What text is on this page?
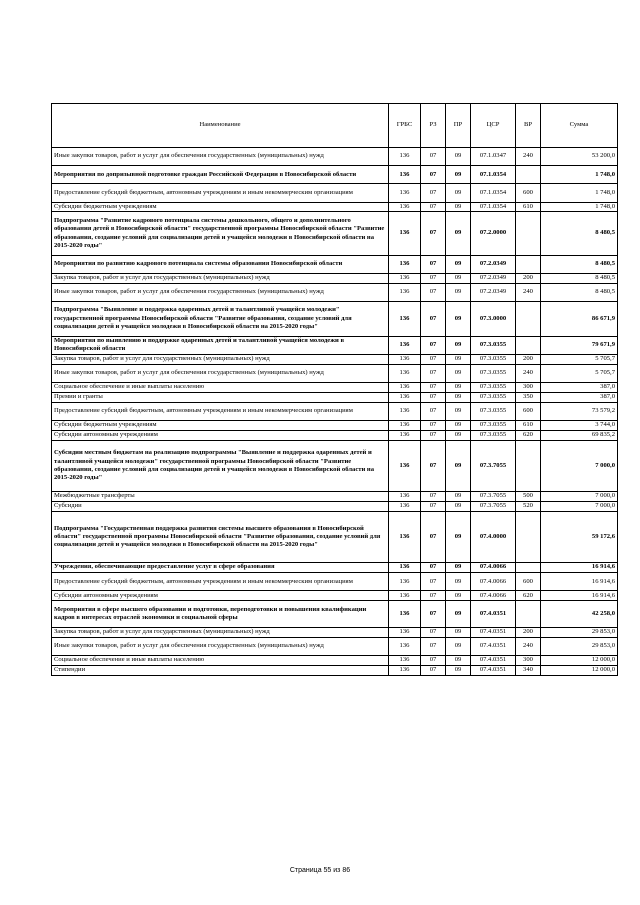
Наименование	ГРБС	РЗ	ПР	ЦСР	ВР	Сумма
Иные закупки товаров, работ и услуг для обеспечения государственных (муниципальных) нужд	136	07	09	07.1.0347	240	53 200,0
Мероприятия по допризывной подготовке граждан Российской Федерации в Новосибирской области	136	07	09	07.1.0354		1 748,0
Предоставление субсидий бюджетным, автономным учреждениям и иным некоммерческим организациям	136	07	09	07.1.0354	600	1 748,0
Субсидии бюджетным учреждениям	136	07	09	07.1.0354	610	1 748,0
Подпрограмма "Развитие кадрового потенциала системы дошкольного, общего и дополнительного образования детей в Новосибирской области" государственной программы Новосибирской области "Развитие образования, создание условий для социализации детей и учащейся молодежи в Новосибирской области на 2015-2020 годы"	136	07	09	07.2.0000		8 480,5
Мероприятия по развитию кадрового потенциала системы образования Новосибирской области	136	07	09	07.2.0349		8 480,5
Закупка товаров, работ и услуг для государственных (муниципальных) нужд	136	07	09	07.2.0349	200	8 480,5
Иные закупки товаров, работ и услуг для обеспечения государственных (муниципальных) нужд	136	07	09	07.2.0349	240	8 480,5
Подпрограмма "Выявление и поддержка одаренных детей и талантливой учащейся молодежи" государственной программы Новосибирской области "Развитие образования, создание условий для социализации детей и учащейся молодежи в Новосибирской области на 2015-2020 годы"	136	07	09	07.3.0000		86 671,9
Мероприятия по выявлению и поддержке одаренных детей и талантливой учащейся молодежи в Новосибирской области	136	07	09	07.3.0355		79 671,9
Закупка товаров, работ и услуг для государственных (муниципальных) нужд	136	07	09	07.3.0355	200	5 705,7
Иные закупки товаров, работ и услуг для обеспечения государственных (муниципальных) нужд	136	07	09	07.3.0355	240	5 705,7
Социальное обеспечение и иные выплаты населению	136	07	09	07.3.0355	300	387,0
Премии и гранты	136	07	09	07.3.0355	350	387,0
Предоставление субсидий бюджетным, автономным учреждениям и иным некоммерческим организациям	136	07	09	07.3.0355	600	73 579,2
Субсидии бюджетным учреждениям	136	07	09	07.3.0355	610	3 744,0
Субсидии автономным учреждениям	136	07	09	07.3.0355	620	69 835,2
Субсидии местным бюджетам на реализацию подпрограммы "Выявление и поддержка одаренных детей и талантливой учащейся молодежи" государственной программы Новосибирской области "Развитие образования, создание условий для социализации детей и учащейся молодежи в Новосибирской области на 2015-2020 годы"	136	07	09	07.3.7055		7 000,0
Межбюджетные трансферты	136	07	09	07.3.7055	500	7 000,0
Субсидии	136	07	09	07.3.7055	520	7 000,0
Подпрограмма "Государственная поддержка развития системы высшего образования в Новосибирской области" государственной программы Новосибирской области "Развитие образования, создание условий для социализации детей и учащейся молодежи в Новосибирской области на 2015-2020 годы"	136	07	09	07.4.0000		59 172,6
Учреждения, обеспечивающие предоставление услуг в сфере образования	136	07	09	07.4.0066		16 914,6
Предоставление субсидий бюджетным, автономным учреждениям и иным некоммерческим организациям	136	07	09	07.4.0066	600	16 914,6
Субсидии автономным учреждениям	136	07	09	07.4.0066	620	16 914,6
Мероприятия в сфере высшего образования и подготовки, переподготовки и повышения квалификации кадров в интересах отраслей экономики и социальной сферы	136	07	09	07.4.0351		42 258,0
Закупка товаров, работ и услуг для государственных (муниципальных) нужд	136	07	09	07.4.0351	200	29 853,0
Иные закупки товаров, работ и услуг для обеспечения государственных (муниципальных) нужд	136	07	09	07.4.0351	240	29 853,0
Социальное обеспечение и иные выплаты населению	136	07	09	07.4.0351	300	12 000,0
Стипендии	136	07	09	07.4.0351	340	12 000,0
Страница 55 из 86
